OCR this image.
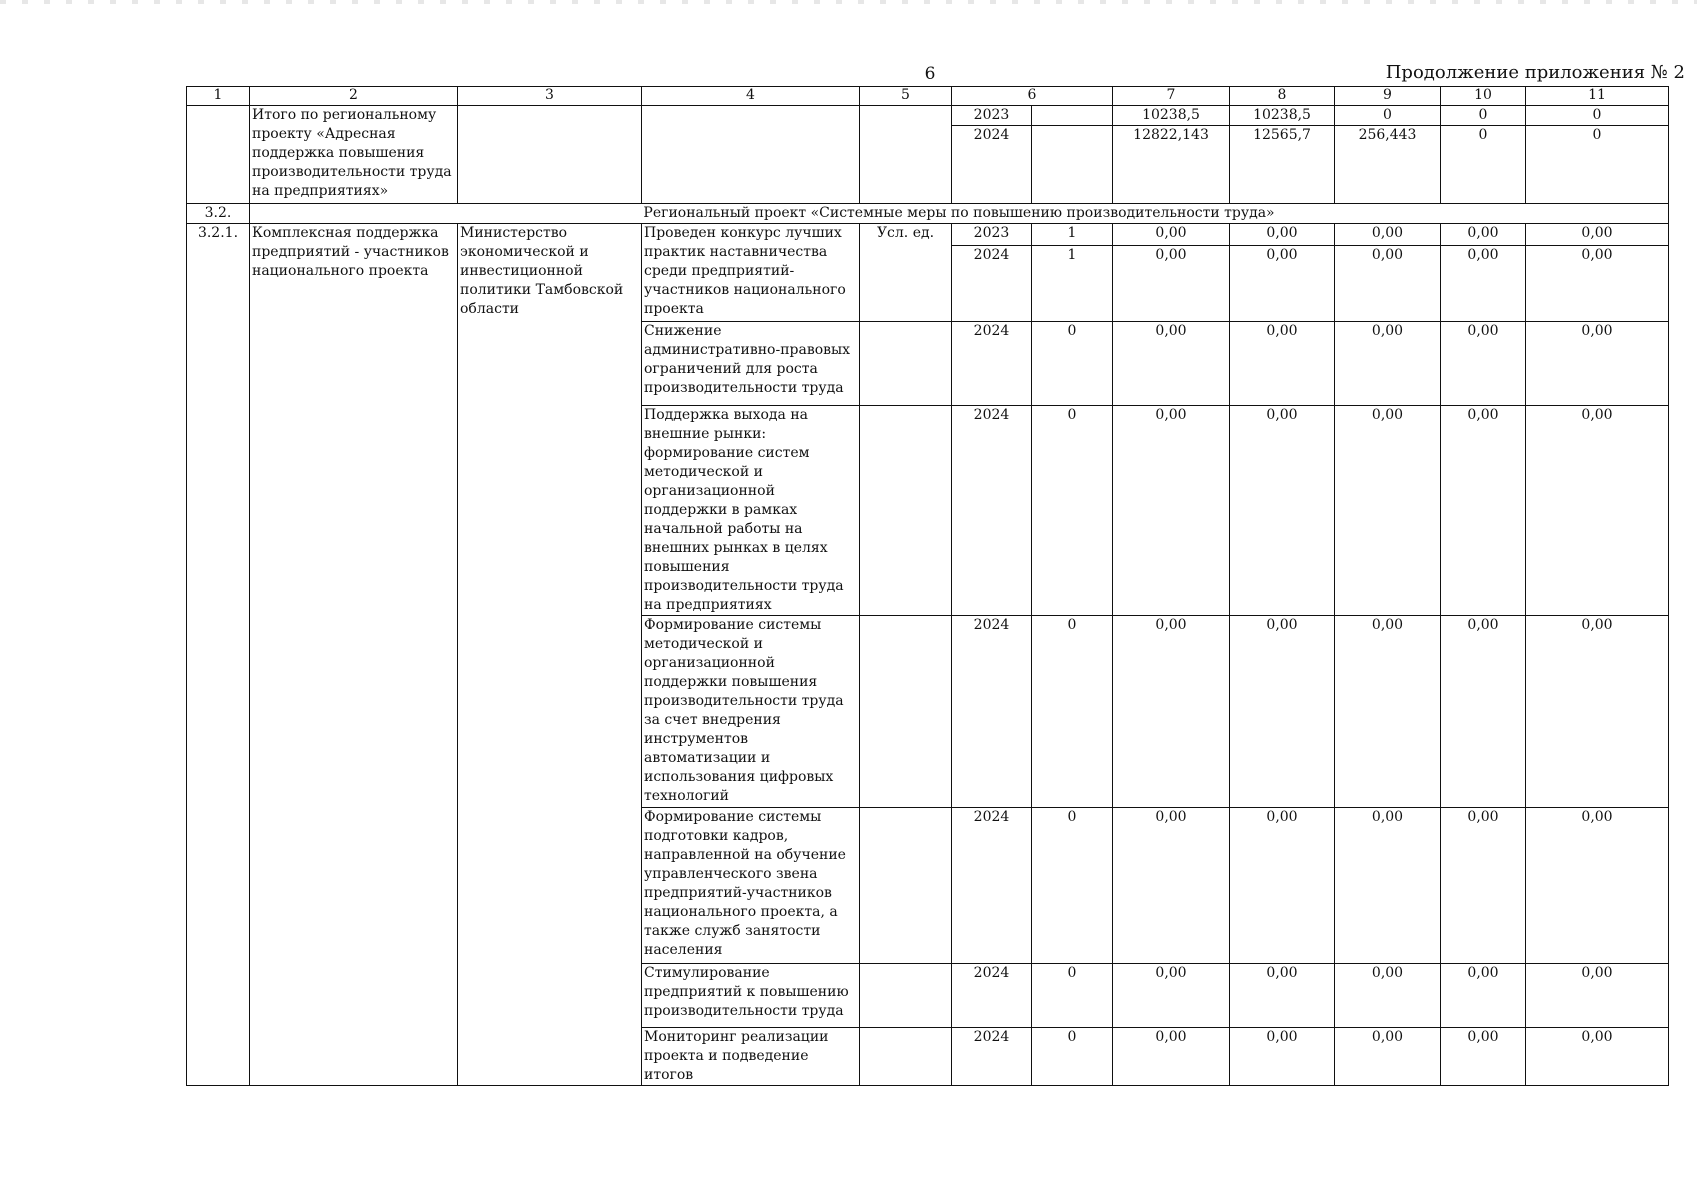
6	Продолжение приложения № 2
1	2	3	4	5	6		7	8	9	10	11
	Итого по региональному проекту «Адресная поддержка повышения производительности труда на предприятиях»				2023		10238,5	10238,5	0	0	0
					2024		12822,143	12565,7	256,443	0	0
3.2.	Региональный проект «Системные меры по повышению производительности труда»										
3.2.1.	Комплексная поддержка предприятий - участников национального проекта	Министерство экономической и инвестиционной политики Тамбовской области	Проведен конкурс лучших практик наставничества среди предприятий-участников национального проекта	Усл. ед.	2023	1	0,00	0,00	0,00	0,00	0,00
					2024	1	0,00	0,00	0,00	0,00	0,00
			Снижение административно-правовых ограничений для роста производительности труда		2024	0	0,00	0,00	0,00	0,00	0,00
			Поддержка выхода на внешние рынки: формирование систем методической и организационной поддержки в рамках начальной работы на внешних рынках в целях повышения производительности труда на предприятиях		2024	0	0,00	0,00	0,00	0,00	0,00
			Формирование системы методической и организационной поддержки повышения производительности труда за счет внедрения инструментов автоматизации и использования цифровых технологий		2024	0	0,00	0,00	0,00	0,00	0,00
			Формирование системы подготовки кадров, направленной на обучение управленческого звена предприятий-участников национального проекта, а также служб занятости населения		2024	0	0,00	0,00	0,00	0,00	0,00
			Стимулирование предприятий к повышению производительности труда		2024	0	0,00	0,00	0,00	0,00	0,00
			Мониторинг реализации проекта и подведение итогов		2024	0	0,00	0,00	0,00	0,00	0,00
